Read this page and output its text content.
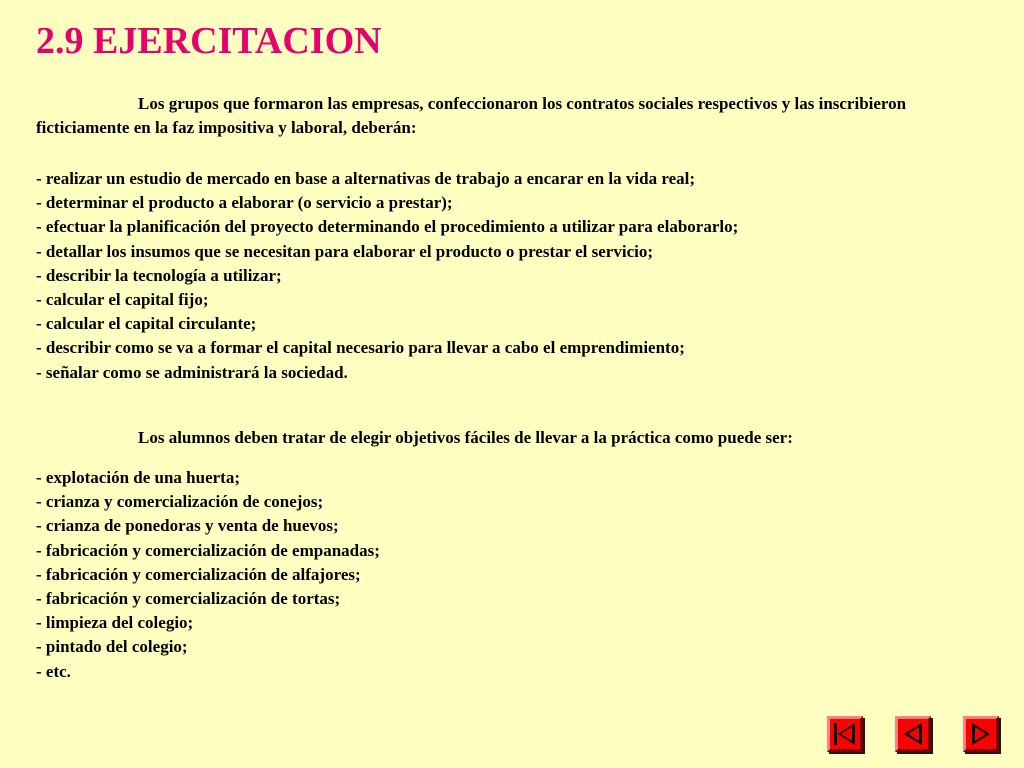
2.9 EJERCITACION

Los grupos que formaron las empresas, confeccionaron los contratos sociales respectivos y las inscribieron ficticiamente en la faz impositiva y laboral, deberán:

- realizar un estudio de mercado en base a alternativas de trabajo a encarar en la vida real;
- determinar el producto a elaborar (o servicio a prestar);
- efectuar la planificación del proyecto determinando el procedimiento a utilizar para elaborarlo;
- detallar los insumos que se necesitan para elaborar el producto o prestar el servicio;
- describir la tecnología a utilizar;
- calcular el capital fijo;
- calcular el capital circulante;
- describir como se va a formar el capital necesario para llevar a cabo el emprendimiento;
- señalar como se administrará la sociedad.

Los alumnos deben tratar de elegir objetivos fáciles de llevar a la práctica como puede ser:

- explotación de una huerta;
- crianza y comercialización de conejos;
- crianza de ponedoras y venta de huevos;
- fabricación y comercialización de empanadas;
- fabricación y comercialización de alfajores;
- fabricación y comercialización de tortas;
- limpieza del colegio;
- pintado del colegio;
- etc.
